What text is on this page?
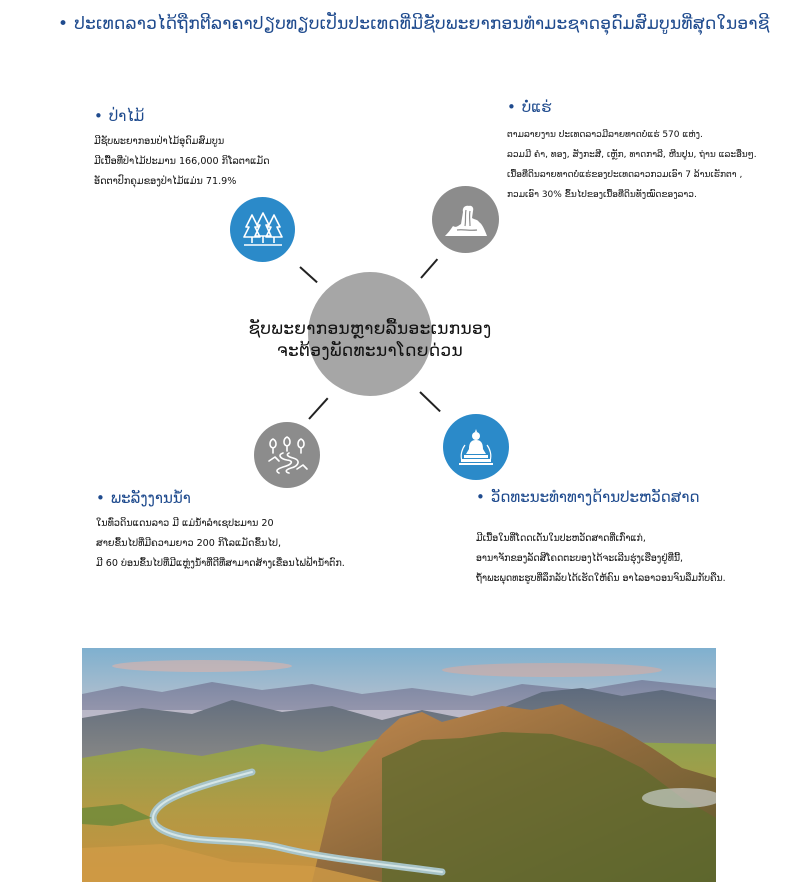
• ປະເທດລາວໄດ້ຖືກຕີລາຄາປຽບທຽບເປັນປະເທດທີ່ມີຊັບພະຍາກອນທຳມະຊາດອຸດົມສົມບູນທີ່ສຸດໃນອາຊີ
ຊັບພະຍາກອນຫຼາຍລື້ນອະເນກນອງ
ຈະຕ້ອງພັດທະນາໂດຍດ່ວນ
• ປ່າໄມ້
ມີຊັບພະຍາກອນປ່າໄມ້ອຸດົມສົມບູນ
ມີເນື້ອທີ່ປ່າໄມ້ປະມານ 166,000 ກິໂລຕາແມັດ
ອັດຕາປົກຄຸມຂອງປ່າໄມ້ແມ່ນ 71.9%
• ບໍ່ແຮ່
ຕາມລາຍງານ ປະເທດລາວມີລາຍທາດບໍ່ແຮ່ 570 ແຫ່ງ.
ລວມມີ ຄຳ, ທອງ, ສັງກະສີ, ເຫຼັກ, ທາດກາລີ, ຫີນປູນ, ຖ່ານ ແລະອື່ນໆ.
ເນື້ອທີ່ດິນລາຍທາດບໍ່ແຮ່ຂອງປະເທດລາວກວມເອົາ 7 ລ້ານເຮັກຕາ ,
ກວມເອົາ 30% ຂຶ້ນໄປຂອງເນື້ອທີ່ດິນທັງໝົດຂອງລາວ.
• ພະລັງງານນ້ຳ
ໃນທົ່ວດິນແດນລາວ ມີ ແມ່ນ້ຳລຳເຊປະມານ 20
ສາຍຂຶ້ນໄປທີ່ມີຄວາມຍາວ 200 ກິໂລແມັດຂຶ້ນໄປ,
ມີ 60 ບ່ອນຂຶ້ນໄປທີ່ມີແຫຼ່ງນ້ຳທີ່ດີທີ່ສາມາດສ້າງເຂື່ອນໄຟຟ້ານ້ຳຕົກ.
• ວັດທະນະທຳທາງດ້ານປະຫວັດສາດ
ມີເນື້ອໃນທີ່ໂດດເດັ່ນໃນປະຫວັດສາດທີ່ເກົ່າແກ່,
ອານາຈັກຂອງລັດສີໂຄດຕະບອງໄດ້ຈະເລີນຮຸ່ງເຮືອງຢູ່ທີ່ນີ້,
ຖ້ຳພະພຸດທະຮູບທີ່ລຶກລັບໄດ້ເຮັດໃຫ້ຄົນ ອາໄລອາວອນຈົນລືມກັບຄືນ.
